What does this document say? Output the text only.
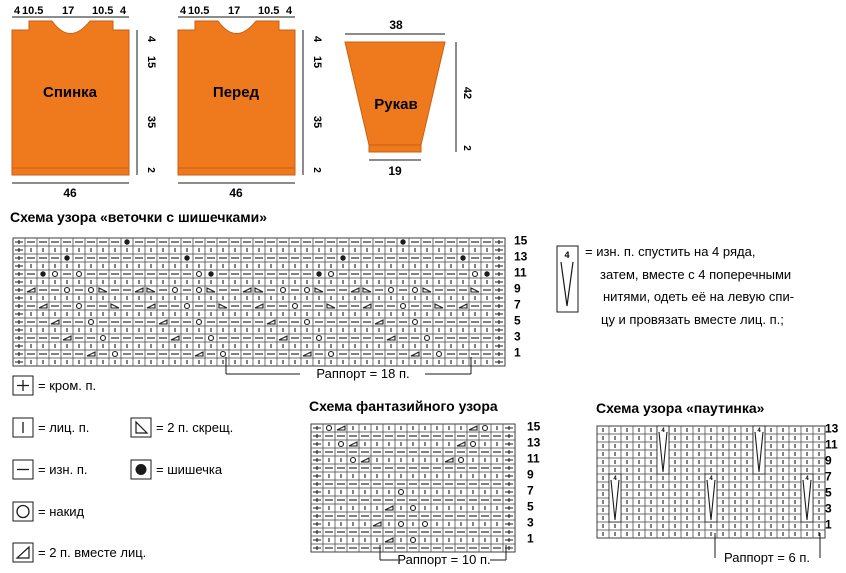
Спинка
4 10.5 17 10.5 4
46
4
15
35
2
Перед
4 10.5 17 10.5 4
46
4
15
35
2
Рукав
38
19
42
2
Схема узора «веточки с шишечками»
15
13
11
9
7
5
3
1
Раппорт = 18 п.
4 = изн. п. спустить на 4 ряда,
затем, вместе с 4 поперечными
нитями, одеть её на левую спи-
цу и провязать вместе лиц. п.;
= кром. п.
= лиц. п.	= 2 п. скрещ.
= изн. п.	= шишечка
= накид
= 2 п. вместе лиц.
Схема фантазийного узора
15
13
11
9
7
5
3
1
Раппорт = 10 п.
Схема узора «паутинка»
4	4
4	4	4
13
11
9
7
5
3
1
Раппорт = 6 п.
